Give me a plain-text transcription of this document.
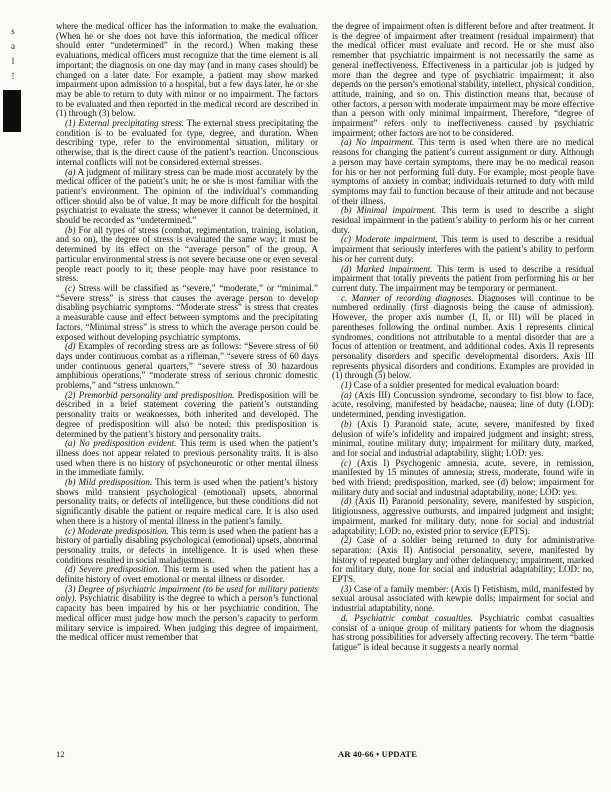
s
a
l
!

where the medical officer has the information to make the evaluation. (When he or she does not have this information, the medical officer should enter “undetermined” in the record.) When making these evaluations, medical officers must recognize that the time element is all important; the diagnosis on one day may (and in many cases should) be changed on a later date. For example, a patient may show marked impairment upon admission to a hospital, but a few days later, he or she may be able to return to duty with minor or no impairment. The factors to be evaluated and then reported in the medical record are described in (1) through (3) below.

(1) External precipitating stress. The external stress precipitating the condition is to be evaluated for type, degree, and duration. When describing type, refer to the environmental situation, military or otherwise, that is the direct cause of the patient’s reaction. Unconscious internal conflicts will not be considered external stresses.

(a) A judgment of military stress can be made most accurately by the medical officer of the patient’s unit; he or she is most familiar with the patient’s environment. The opinion of the individual’s commanding officer should also be of value. It may be more difficult for the hospital psychiatrist to evaluate the stress; whenever it cannot be determined, it should be recorded as “undetermined.”

(b) For all types of stress (combat, regimentation, training, isolation, and so on), the degree of stress is evaluated the same way; it must be determined by its effect on the “average person” of the group. A particular environmental stress is not severe because one or even several people react poorly to it; these people may have poor resistance to stress.

(c) Stress will be classified as “severe,” “moderate,” or “minimal.” “Severe stress” is stress that causes the average person to develop disabling psychiatric symptoms. “Moderate stress” is stress that creates a measurable cause and effect between symptoms and the precipitating factors. “Minimal stress” is stress to which the average person could be exposed without developing psychiatric symptoms.

(d) Examples of recording stress are as follows: “Severe stress of 60 days under continuous combat as a rifleman,” “severe stress of 60 days under continuous general quarters,” “severe stress of 30 hazardous amphibious operations,” “moderate stress of serious chronic domestic problems,” and “stress unknown.”

(2) Premorbid personality and predisposition. Predisposition will be described in a brief statement covering the patient’s outstanding personality traits or weaknesses, both inherited and developed. The degree of predisposition will also be noted; this predisposition is determined by the patient’s history and personality traits.

(a) No predisposition evident. This term is used when the patient’s illness does not appear related to previous personality traits. It is also used when there is no history of psychoneurotic or other mental illness in the immediate family.

(b) Mild predisposition. This term is used when the patient’s history shows mild transient psychological (emotional) upsets, abnormal personality traits, or defects of intelligence, but these conditions did not significantly disable the patient or require medical care. It is also used when there is a history of mental illness in the patient’s family.

(c) Moderate predisposition. This term is used when the patient has a history of partially disabling psychological (emotional) upsets, abnormal personality traits, or defects in intelligence. It is used when these conditions resulted in social maladjustment.

(d) Severe predisposition. This term is used when the patient has a definite history of overt emotional or mental illness or disorder.

(3) Degree of psychiatric impairment (to be used for military patients only). Psychiatric disability is the degree to which a person’s functional capacity has been impaired by his or her psychiatric condition. The medical officer must judge how much the person’s capacity to perform military service is impaired. When judging this degree of impairment, the medical officer must remember that

the degree of impairment often is different before and after treatment. It is the degree of impairment after treatment (residual impairment) that the medical officer must evaluate and record. He or she must also remember that psychiatric impairment is not necessarily the same as general ineffectiveness. Effectiveness in a particular job is judged by more than the degree and type of psychiatric impairment; it also depends on the person’s emotional stability, intellect, physical condition, attitude, training, and so on. This distinction means that, because of other factors, a person with moderate impairment may be more effective than a person with only minimal impairment. Therefore, “degree of impairment” refers only to ineffectiveness caused by psychiatric impairment; other factors are not to be considered.

(a) No impairment. This term is used when there are no medical reasons for changing the patient’s current assignment or duty. Although a person may have certain symptoms, there may be no medical reason for his or her not performing full duty. For example, most people have symptoms of anxiety in combat; individuals returned to duty with mild symptoms may fail to function because of their attitude and not because of their illness.

(b) Minimal impairment. This term is used to describe a slight residual impairment in the patient’s ability to perform his or her current duty.

(c) Moderate impairment. This term is used to describe a residual impairment that seriously interferes with the patient’s ability to perform his or her current duty.

(d) Marked impairment. This term is used to describe a residual impairment that totally prevents the patient from performing his or her current duty. The impairment may be temporary or permanent.

c. Manner of recording diagnoses. Diagnoses will continue to be numbered ordinally (first diagnosis being the cause of admission). However, the proper axis number (I, II, or III) will be placed in parentheses following the ordinal number. Axis I represents clinical syndromes, conditions not attributable to a mental disorder that are a focus of attention or treatment, and additional codes. Axis II represents personality disorders and specific developmental disorders. Axis III represents physical disorders and conditions. Examples are provided in (1) through (5) below.

(1) Case of a soldier presented for medical evaluation board:

(a) (Axis III) Concussion syndrome, secondary to fist blow to face, acute, resolving, manifested by headache, nausea; line of duty (LOD): undetermined, pending investigation.

(b) (Axis I) Paranoid state, acute, severe, manifested by fixed delusion of wife’s infidelity and impaired judgment and insight; stress, minimal, routine military duty; impairment for military duty, marked, and for social and industrial adaptability, slight; LOD: yes.

(c) (Axis I) Psychogenic amnesia, acute, severe, in remission, manifested by 15 minutes of amnesia; stress, moderate, found wife in bed with friend; predisposition, marked, see (d) below; impairment for military duty and social and industrial adaptability, none; LOD: yes.

(d) (Axis II) Paranoid personality, severe, manifested by suspicion, litigiousness, aggressive outbursts, and impaired judgment and insight; impairment, marked for military duty, none for social and industrial adaptability; LOD: no, existed prior to service (EPTS).

(2) Case of a soldier being returned to duty for administrative separation: (Axis II) Antisocial personality, severe, manifested by history of repeated burglary and other delinquency; impairment, marked for military duty, none for social and industrial adaptability; LOD: no, EPTS.

(3) Case of a family member: (Axis I) Fetishism, mild, manifested by sexual arousal associated with kewpie dolls; impairment for social and industrial adaptability, none.

d. Psychiatric combat casualties. Psychiatric combat casualties consist of a unique group of military patients for whom the diagnosis has strong possibilities for adversely affecting recovery. The term “battle fatigue” is ideal because it suggests a nearly normal

12	AR 40-66 • UPDATE
